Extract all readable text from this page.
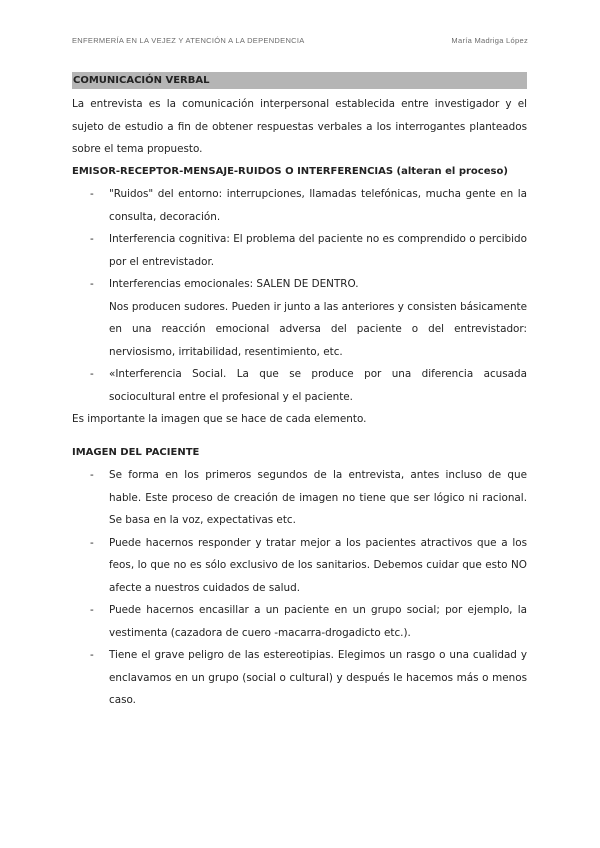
ENFERMERÍA EN LA VEJEZ Y ATENCIÓN A LA DEPENDENCIA	María Madrigа López
COMUNICACIÓN VERBAL

La entrevista es la comunicación interpersonal establecida entre investigador y el sujeto de estudio a fin de obtener respuestas verbales a los interrogantes planteados sobre el tema propuesto.

EMISOR-RECEPTOR-MENSAJE-RUIDOS O INTERFERENCIAS (alteran el proceso)

- "Ruidos" del entorno: interrupciones, llamadas telefónicas, mucha gente en la consulta, decoración.
- Interferencia cognitiva: El problema del paciente no es comprendido o percibido por el entrevistador.
- Interferencias emocionales: SALEN DE DENTRO.
Nos producen sudores. Pueden ir junto a las anteriores y consisten básicamente en una reacción emocional adversa del paciente o del entrevistador: nerviosismo, irritabilidad, resentimiento, etc.
- «Interferencia Social. La que se produce por una diferencia acusada sociocultural entre el profesional y el paciente.

Es importante la imagen que se hace de cada elemento.

IMAGEN DEL PACIENTE

- Se forma en los primeros segundos de la entrevista, antes incluso de que hable. Este proceso de creación de imagen no tiene que ser lógico ni racional. Se basa en la voz, expectativas etc.
- Puede hacernos responder y tratar mejor a los pacientes atractivos que a los feos, lo que no es sólo exclusivo de los sanitarios. Debemos cuidar que esto NO afecte a nuestros cuidados de salud.
- Puede hacernos encasillar a un paciente en un grupo social; por ejemplo, la vestimenta (cazadora de cuero -macarra-drogadicto etc.).
- Tiene el grave peligro de las estereotipias. Elegimos un rasgo o una cualidad y enclavamos en un grupo (social o cultural) y después le hacemos más o menos caso.
